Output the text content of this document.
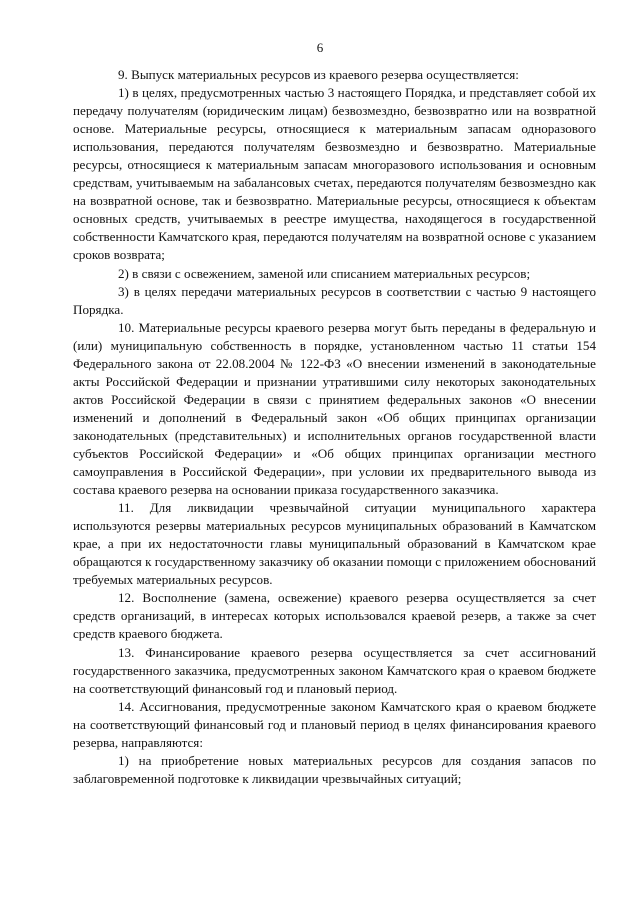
6

9. Выпуск материальных ресурсов из краевого резерва осуществляется:

1) в целях, предусмотренных частью 3 настоящего Порядка, и представляет собой их передачу получателям (юридическим лицам) безвозмездно, безвозвратно или на возвратной основе. Материальные ресурсы, относящиеся к материальным запасам одноразового использования, передаются получателям безвозмездно и безвозвратно. Материальные ресурсы, относящиеся к материальным запасам многоразового использования и основным средствам, учитываемым на забалансовых счетах, передаются получателям безвозмездно как на возвратной основе, так и безвозвратно. Материальные ресурсы, относящиеся к объектам основных средств, учитываемых в реестре имущества, находящегося в государственной собственности Камчатского края, передаются получателям на возвратной основе с указанием сроков возврата;

2) в связи с освежением, заменой или списанием материальных ресурсов;

3) в целях передачи материальных ресурсов в соответствии с частью 9 настоящего Порядка.

10. Материальные ресурсы краевого резерва могут быть переданы в федеральную и (или) муниципальную собственность в порядке, установленном частью 11 статьи 154 Федерального закона от 22.08.2004 № 122-ФЗ «О внесении изменений в законодательные акты Российской Федерации и признании утратившими силу некоторых законодательных актов Российской Федерации в связи с принятием федеральных законов «О внесении изменений и дополнений в Федеральный закон «Об общих принципах организации законодательных (представительных) и исполнительных органов государственной власти субъектов Российской Федерации» и «Об общих принципах организации местного самоуправления в Российской Федерации», при условии их предварительного вывода из состава краевого резерва на основании приказа государственного заказчика.

11. Для ликвидации чрезвычайной ситуации муниципального характера используются резервы материальных ресурсов муниципальных образований в Камчатском крае, а при их недостаточности главы муниципальный образований в Камчатском крае обращаются к государственному заказчику об оказании помощи с приложением обоснований требуемых материальных ресурсов.

12. Восполнение (замена, освежение) краевого резерва осуществляется за счет средств организаций, в интересах которых использовался краевой резерв, а также за счет средств краевого бюджета.

13. Финансирование краевого резерва осуществляется за счет ассигнований государственного заказчика, предусмотренных законом Камчатского края о краевом бюджете на соответствующий финансовый год и плановый период.

14. Ассигнования, предусмотренные законом Камчатского края о краевом бюджете на соответствующий финансовый год и плановый период в целях финансирования краевого резерва, направляются:

1) на приобретение новых материальных ресурсов для создания запасов по заблаговременной подготовке к ликвидации чрезвычайных ситуаций;
